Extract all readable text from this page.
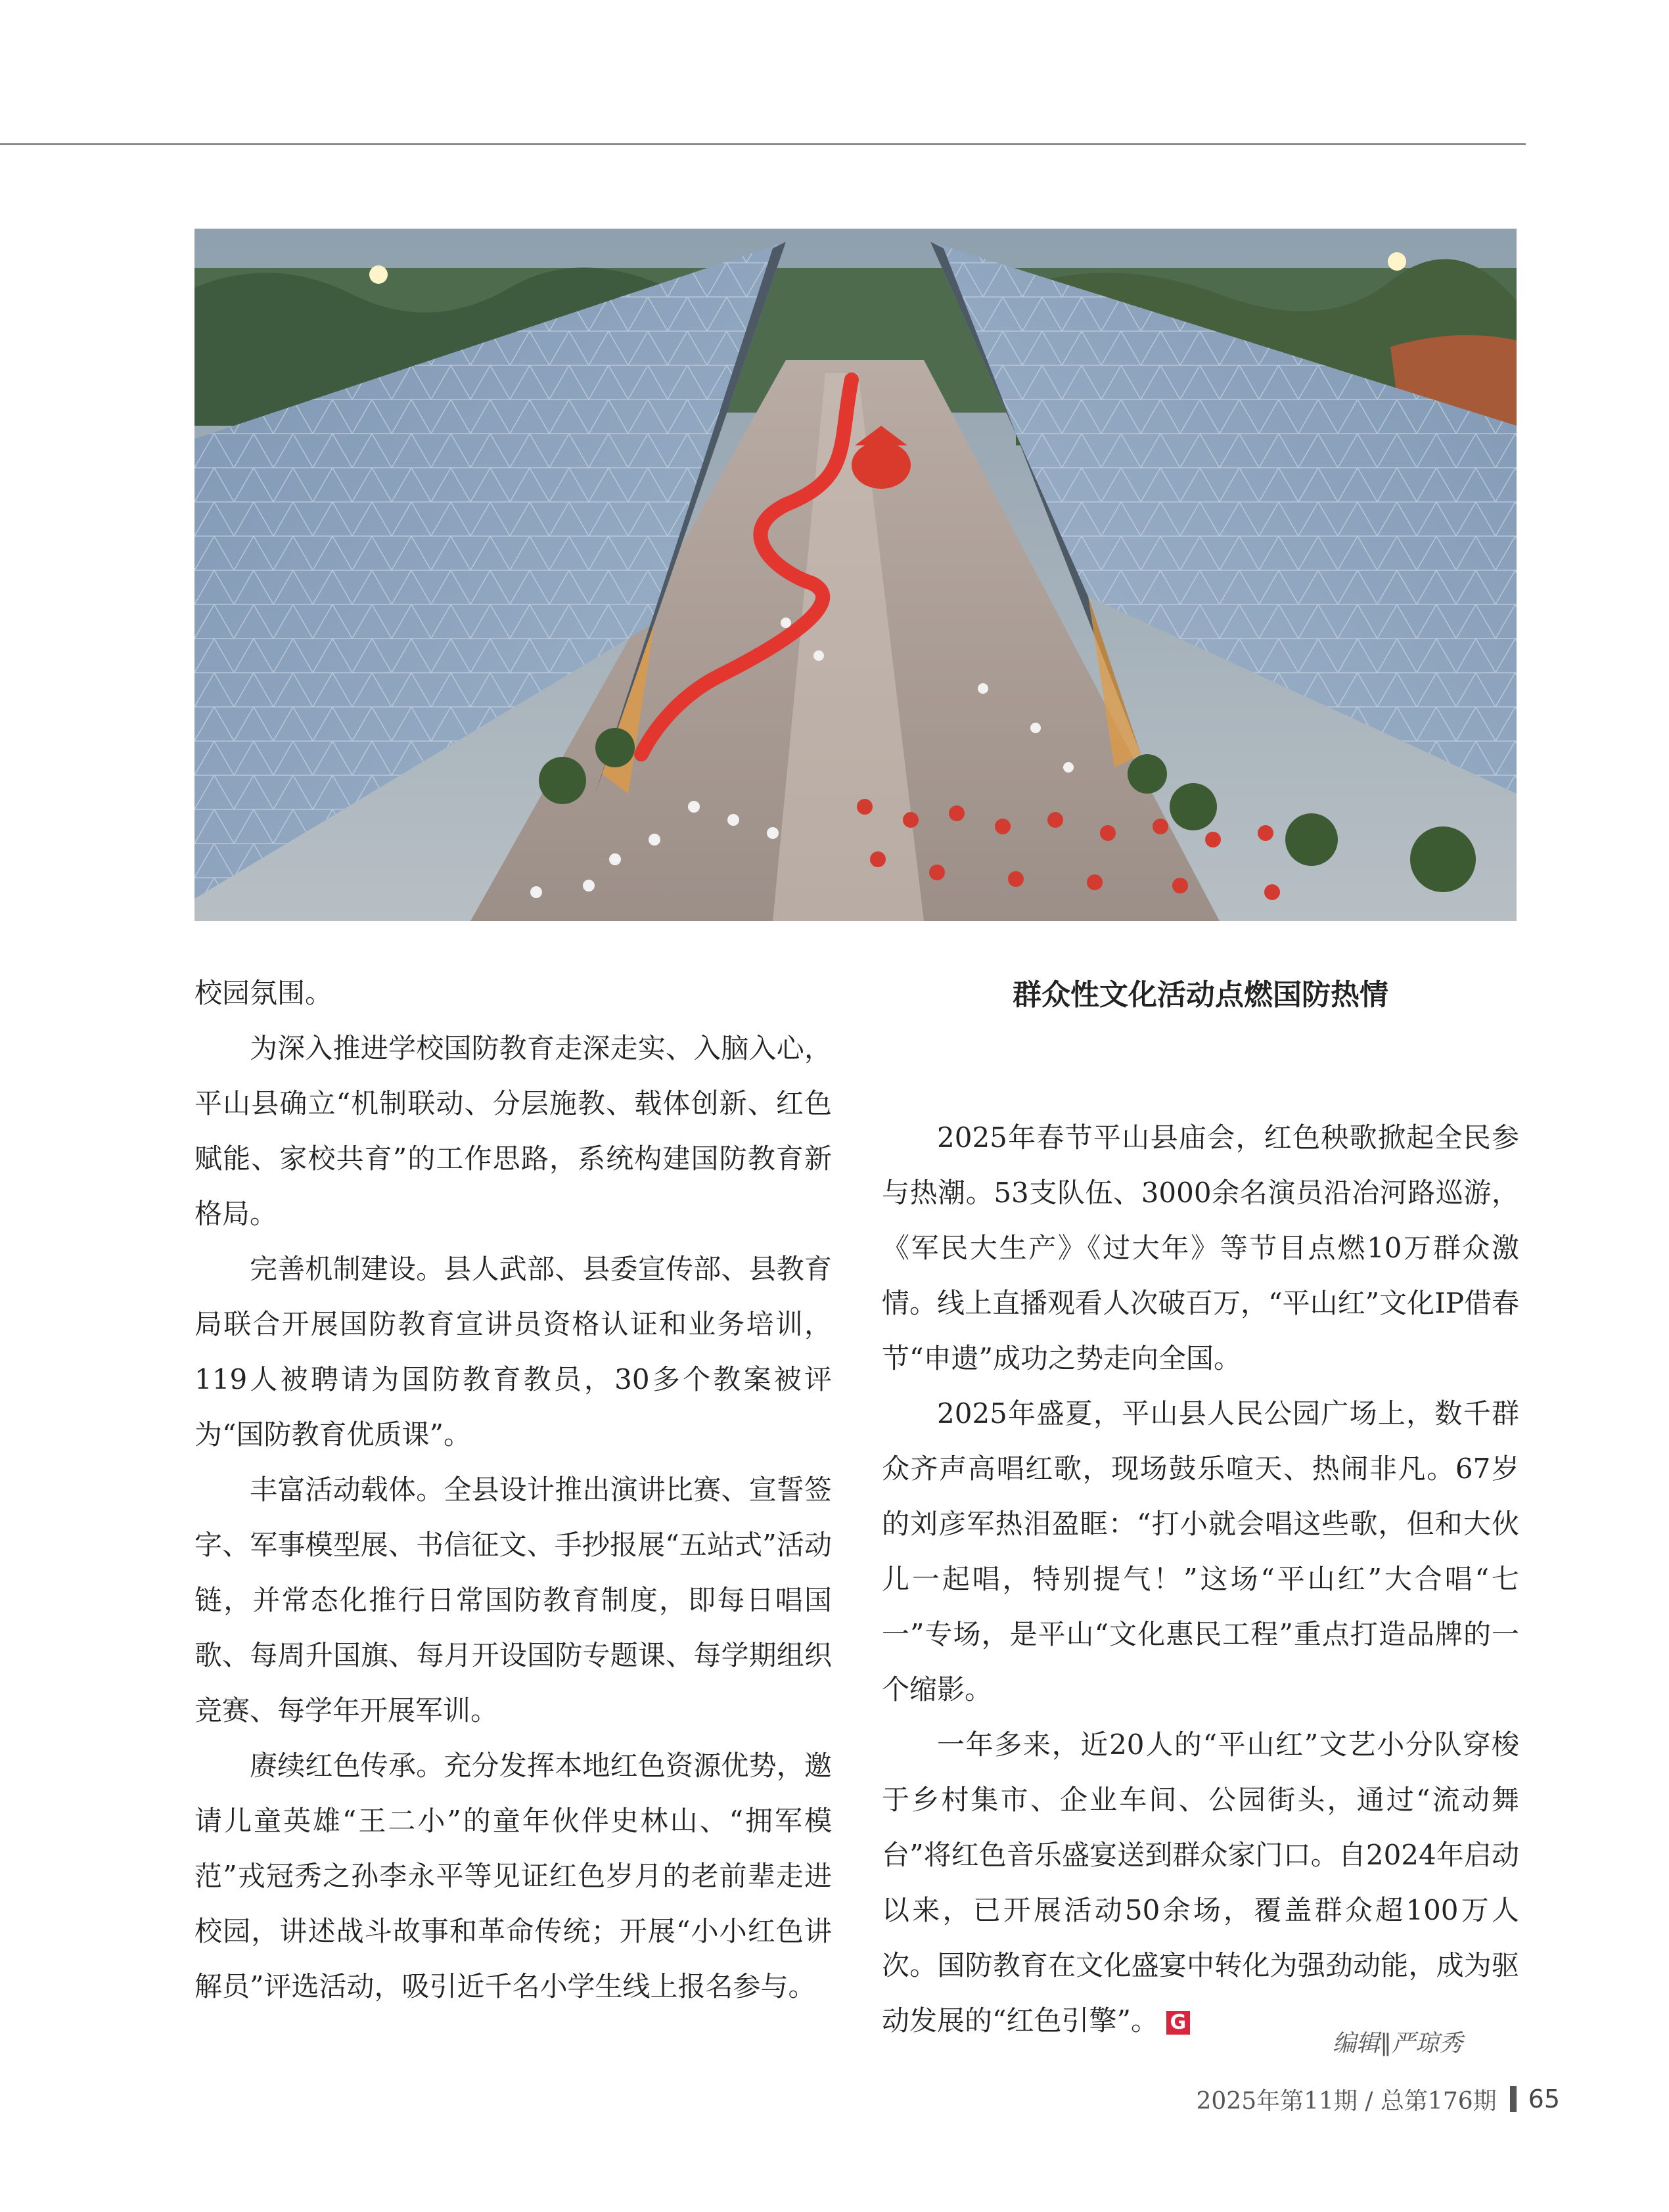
校园氛围。

为深入推进学校国防教育走深走实、入脑入心，平山县确立“机制联动、分层施教、载体创新、红色赋能、家校共育”的工作思路，系统构建国防教育新格局。

完善机制建设。县人武部、县委宣传部、县教育局联合开展国防教育宣讲员资格认证和业务培训，119人被聘请为国防教育教员，30多个教案被评为“国防教育优质课”。

丰富活动载体。全县设计推出演讲比赛、宣誓签字、军事模型展、书信征文、手抄报展“五站式”活动链，并常态化推行日常国防教育制度，即每日唱国歌、每周升国旗、每月开设国防专题课、每学期组织竞赛、每学年开展军训。

赓续红色传承。充分发挥本地红色资源优势，邀请儿童英雄“王二小”的童年伙伴史林山、“拥军模范”戎冠秀之孙李永平等见证红色岁月的老前辈走进校园，讲述战斗故事和革命传统；开展“小小红色讲解员”评选活动，吸引近千名小学生线上报名参与。

群众性文化活动点燃国防热情

2025年春节平山县庙会，红色秧歌掀起全民参与热潮。53支队伍、3000余名演员沿冶河路巡游，《军民大生产》《过大年》等节目点燃10万群众激情。线上直播观看人次破百万，“平山红”文化IP借春节“申遗”成功之势走向全国。

2025年盛夏，平山县人民公园广场上，数千群众齐声高唱红歌，现场鼓乐喧天、热闹非凡。67岁的刘彦军热泪盈眶：“打小就会唱这些歌，但和大伙儿一起唱，特别提气！”这场“平山红”大合唱“七一”专场，是平山“文化惠民工程”重点打造品牌的一个缩影。

一年多来，近20人的“平山红”文艺小分队穿梭于乡村集市、企业车间、公园街头，通过“流动舞台”将红色音乐盛宴送到群众家门口。自2024年启动以来，已开展活动50余场，覆盖群众超100万人次。国防教育在文化盛宴中转化为强劲动能，成为驱动发展的“红色引擎”。 G

编辑∥严琼秀
2025年第11期 / 总第176期 65
